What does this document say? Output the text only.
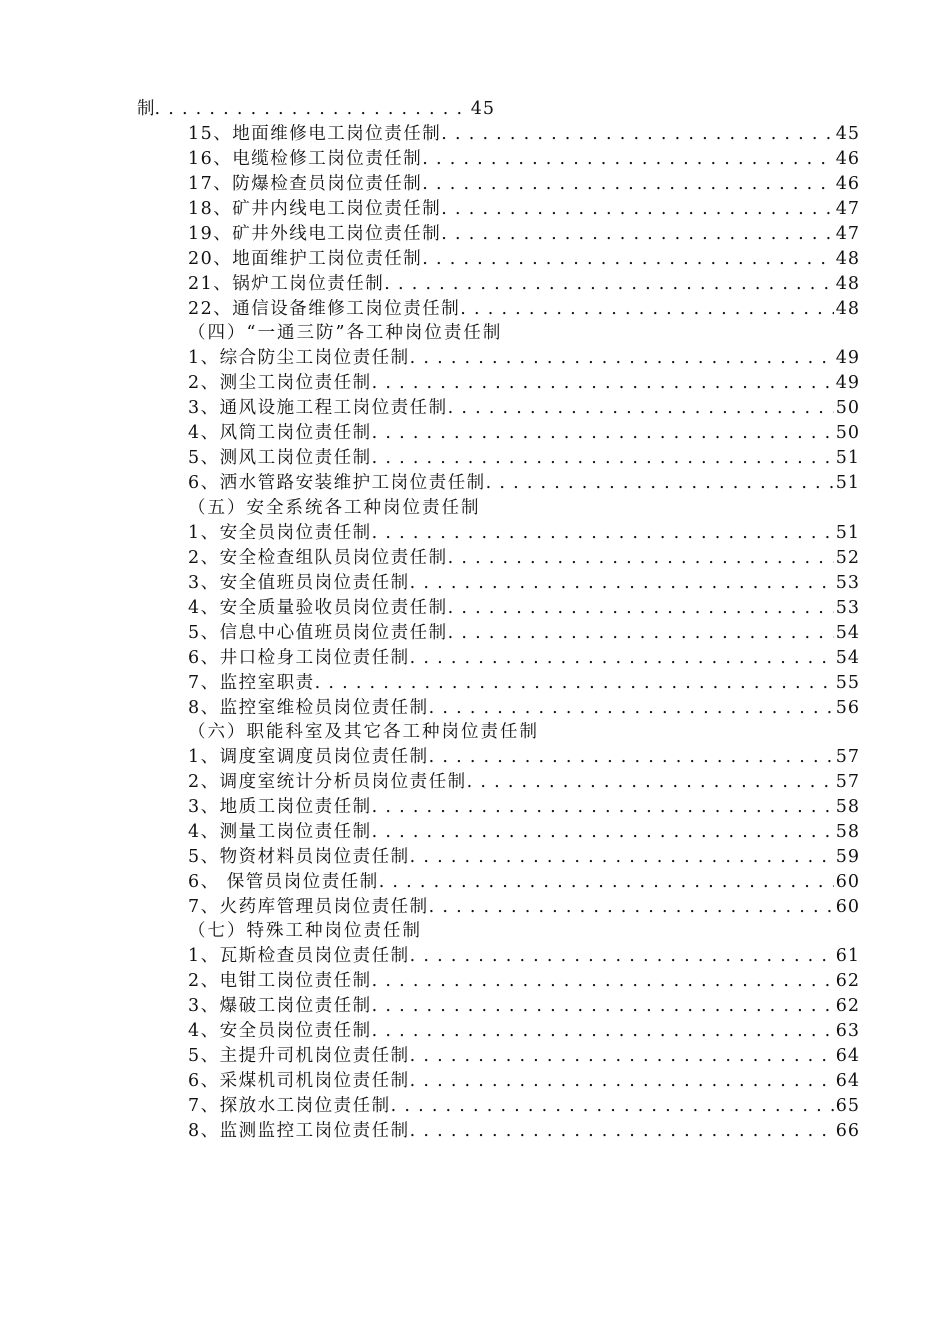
制 . . .	45
15、地面维修电工岗位责任制 . . .	45
16、电缆检修工岗位责任制 . . .	46
17、防爆检查员岗位责任制 . . .	46
18、矿井内线电工岗位责任制 . . .	47
19、矿井外线电工岗位责任制 . . .	47
20、地面维护工岗位责任制 . . .	48
21、锅炉工岗位责任制 . . .	48
22、通信设备维修工岗位责任制 . . .	48
（四）“一通三防”各工种岗位责任制
1、综合防尘工岗位责任制 . . .	49
2、测尘工岗位责任制 . . .	49
3、通风设施工程工岗位责任制 . . .	50
4、风筒工岗位责任制 . . .	50
5、测风工岗位责任制 . . .	51
6、洒水管路安装维护工岗位责任制 . . .	51
（五）安全系统各工种岗位责任制
1、安全员岗位责任制 . . .	51
2、安全检查组队员岗位责任制 . . .	52
3、安全值班员岗位责任制 . . .	53
4、安全质量验收员岗位责任制 . . .	53
5、信息中心值班员岗位责任制 . . .	54
6、井口检身工岗位责任制 . . .	54
7、监控室职责 . . .	55
8、监控室维检员岗位责任制 . . .	56
（六）职能科室及其它各工种岗位责任制
1、调度室调度员岗位责任制 . . .	57
2、调度室统计分析员岗位责任制 . . .	57
3、地质工岗位责任制 . . .	58
4、测量工岗位责任制 . . .	58
5、物资材料员岗位责任制 . . .	59
6、 保管员岗位责任制 . . .	60
7、火药库管理员岗位责任制 . . .	60
（七）特殊工种岗位责任制
1、瓦斯检查员岗位责任制 . . .	61
2、电钳工岗位责任制 . . .	62
3、爆破工岗位责任制 . . .	62
4、安全员岗位责任制 . . .	63
5、主提升司机岗位责任制 . . .	64
6、采煤机司机岗位责任制 . . .	64
7、探放水工岗位责任制 . . .	65
8、监测监控工岗位责任制 . . .	66
